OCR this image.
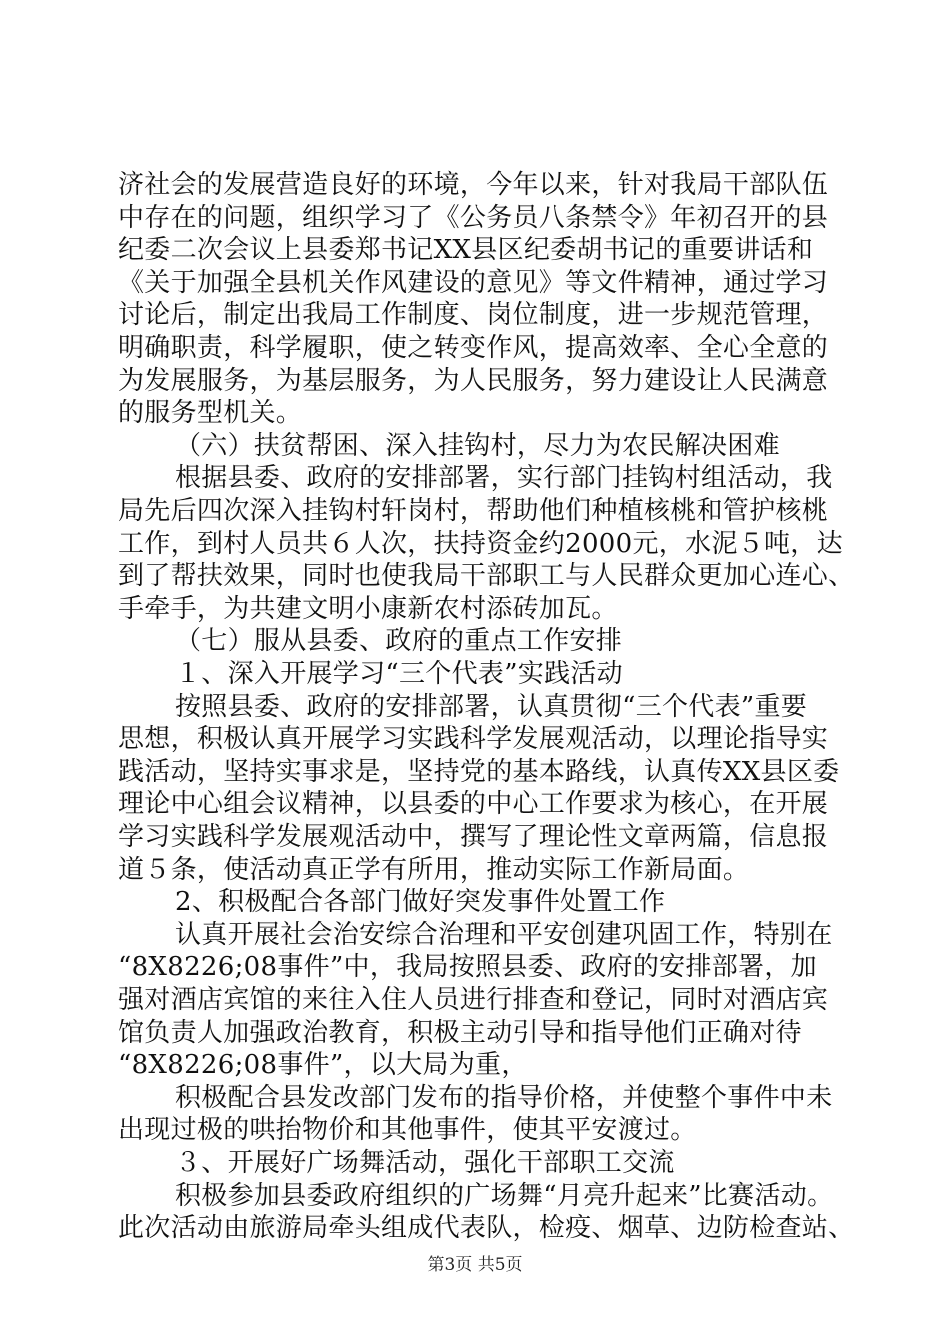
济社会的发展营造良好的环境，今年以来，针对我局干部队伍
中存在的问题，组织学习了《公务员八条禁令》年初召开的县
纪委二次会议上县委郑书记XX县区纪委胡书记的重要讲话和
《关于加强全县机关作风建设的意见》等文件精神，通过学习
讨论后，制定出我局工作制度、岗位制度，进一步规范管理，
明确职责，科学履职，使之转变作风，提高效率、全心全意的
为发展服务，为基层服务，为人民服务，努力建设让人民满意
的服务型机关。
（六）扶贫帮困、深入挂钩村，尽力为农民解决困难
根据县委、政府的安排部署，实行部门挂钩村组活动，我
局先后四次深入挂钩村轩岗村，帮助他们种植核桃和管护核桃
工作，到村人员共６人次，扶持资金约2000元，水泥５吨，达
到了帮扶效果，同时也使我局干部职工与人民群众更加心连心、
手牵手，为共建文明小康新农村添砖加瓦。
（七）服从县委、政府的重点工作安排
１、深入开展学习“三个代表”实践活动
按照县委、政府的安排部署，认真贯彻“三个代表”重要
思想，积极认真开展学习实践科学发展观活动，以理论指导实
践活动，坚持实事求是，坚持党的基本路线，认真传XX县区委
理论中心组会议精神，以县委的中心工作要求为核心，在开展
学习实践科学发展观活动中，撰写了理论性文章两篇，信息报
道５条，使活动真正学有所用，推动实际工作新局面。
2、积极配合各部门做好突发事件处置工作
认真开展社会治安综合治理和平安创建巩固工作，特别在
“8X8226;08事件”中，我局按照县委、政府的安排部署，加
强对酒店宾馆的来往入住人员进行排查和登记，同时对酒店宾
馆负责人加强政治教育，积极主动引导和指导他们正确对待
“8X8226;08事件”，以大局为重，
积极配合县发改部门发布的指导价格，并使整个事件中未
出现过极的哄抬物价和其他事件，使其平安渡过。
３、开展好广场舞活动，强化干部职工交流
积极参加县委政府组织的广场舞“月亮升起来”比赛活动。
此次活动由旅游局牵头组成代表队，检疫、烟草、边防检查站、
第3页 共5页
